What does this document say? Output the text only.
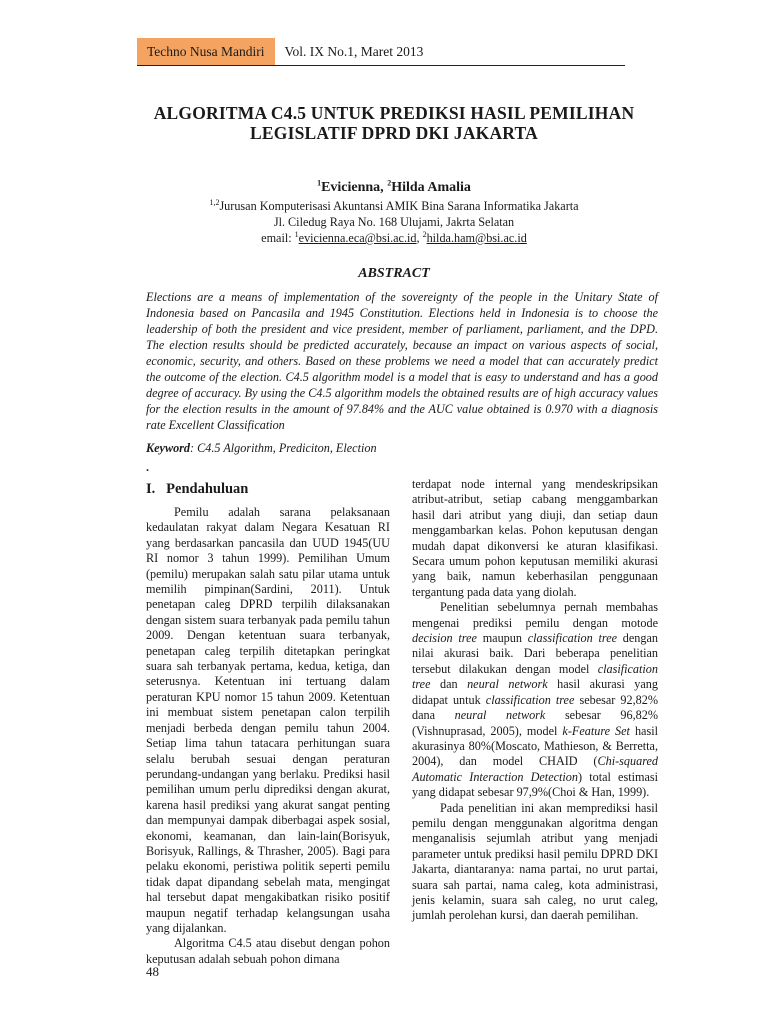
Techno Nusa Mandiri	Vol. IX No.1, Maret 2013
ALGORITMA C4.5 UNTUK PREDIKSI HASIL PEMILIHAN
LEGISLATIF DPRD DKI JAKARTA
$^1$Evicienna, $^2$Hilda Amalia
$^{1,2}$Jurusan Komputerisasi Akuntansi AMIK Bina Sarana Informatika Jakarta
Jl. Ciledug Raya No. 168 Ulujami, Jakrta Selatan
email: $^1$evicienna.eca@bsi.ac.id, $^2$hilda.ham@bsi.ac.id
ABSTRACT
Elections are a means of implementation of the sovereignty of the people in the Unitary State of Indonesia based on Pancasila and 1945 Constitution. Elections held in Indonesia is to choose the leadership of both the president and vice president, member of parliament, parliament, and the DPD. The election results should be predicted accurately, because an impact on various aspects of social, economic, security, and others. Based on these problems we need a model that can accurately predict the outcome of the election. C4.5 algorithm model is a model that is easy to understand and has a good degree of accuracy. By using the C4.5 algorithm models the obtained results are of high accuracy values for the election results in the amount of 97.84% and the AUC value obtained is 0.970 with a diagnosis rate Excellent Classification
Keyword: C4.5 Algorithm, Prediciton, Election
.
I. Pendahuluan

Pemilu adalah sarana pelaksanaan kedaulatan rakyat dalam Negara Kesatuan RI yang berdasarkan pancasila dan UUD 1945(UU RI nomor 3 tahun 1999). Pemilihan Umum (pemilu) merupakan salah satu pilar utama untuk memilih pimpinan(Sardini, 2011). Untuk penetapan caleg DPRD terpilih dilaksanakan dengan sistem suara terbanyak pada pemilu tahun 2009. Dengan ketentuan suara terbanyak, penetapan caleg terpilih ditetapkan peringkat suara sah terbanyak pertama, kedua, ketiga, dan seterusnya. Ketentuan ini tertuang dalam peraturan KPU nomor 15 tahun 2009. Ketentuan ini membuat sistem penetapan calon terpilih menjadi berbeda dengan pemilu tahun 2004. Setiap lima tahun tatacara perhitungan suara selalu berubah sesuai dengan peraturan perundang-undangan yang berlaku. Prediksi hasil pemilihan umum perlu diprediksi dengan akurat, karena hasil prediksi yang akurat sangat penting dan mempunyai dampak diberbagai aspek sosial, ekonomi, keamanan, dan lain-lain(Borisyuk, Borisyuk, Rallings, & Thrasher, 2005). Bagi para pelaku ekonomi, peristiwa politik seperti pemilu tidak dapat dipandang sebelah mata, mengingat hal tersebut dapat mengakibatkan risiko positif maupun negatif terhadap kelangsungan usaha yang dijalankan.

Algoritma C4.5 atau disebut dengan pohon keputusan adalah sebuah pohon dimana

terdapat node internal yang mendeskripsikan atribut-atribut, setiap cabang menggambarkan hasil dari atribut yang diuji, dan setiap daun menggambarkan kelas. Pohon keputusan dengan mudah dapat dikonversi ke aturan klasifikasi. Secara umum pohon keputusan memiliki akurasi yang baik, namun keberhasilan penggunaan tergantung pada data yang diolah.

Penelitian sebelumnya pernah membahas mengenai prediksi pemilu dengan motode decision tree maupun classification tree dengan nilai akurasi baik. Dari beberapa penelitian tersebut dilakukan dengan model clasification tree dan neural network hasil akurasi yang didapat untuk classification tree sebesar 92,82% dana neural network sebesar 96,82%(Vishnuprasad, 2005), model k-Feature Set hasil akurasinya 80%(Moscato, Mathieson, & Berretta, 2004), dan model CHAID (Chi-squared Automatic Interaction Detection) total estimasi yang didapat sebesar 97,9%(Choi & Han, 1999).

Pada penelitian ini akan memprediksi hasil pemilu dengan menggunakan algoritma dengan menganalisis sejumlah atribut yang menjadi parameter untuk prediksi hasil pemilu DPRD DKI Jakarta, diantaranya: nama partai, no urut partai, suara sah partai, nama caleg, kota administrasi, jenis kelamin, suara sah caleg, no urut caleg, jumlah perolehan kursi, dan daerah pemilihan.

48
